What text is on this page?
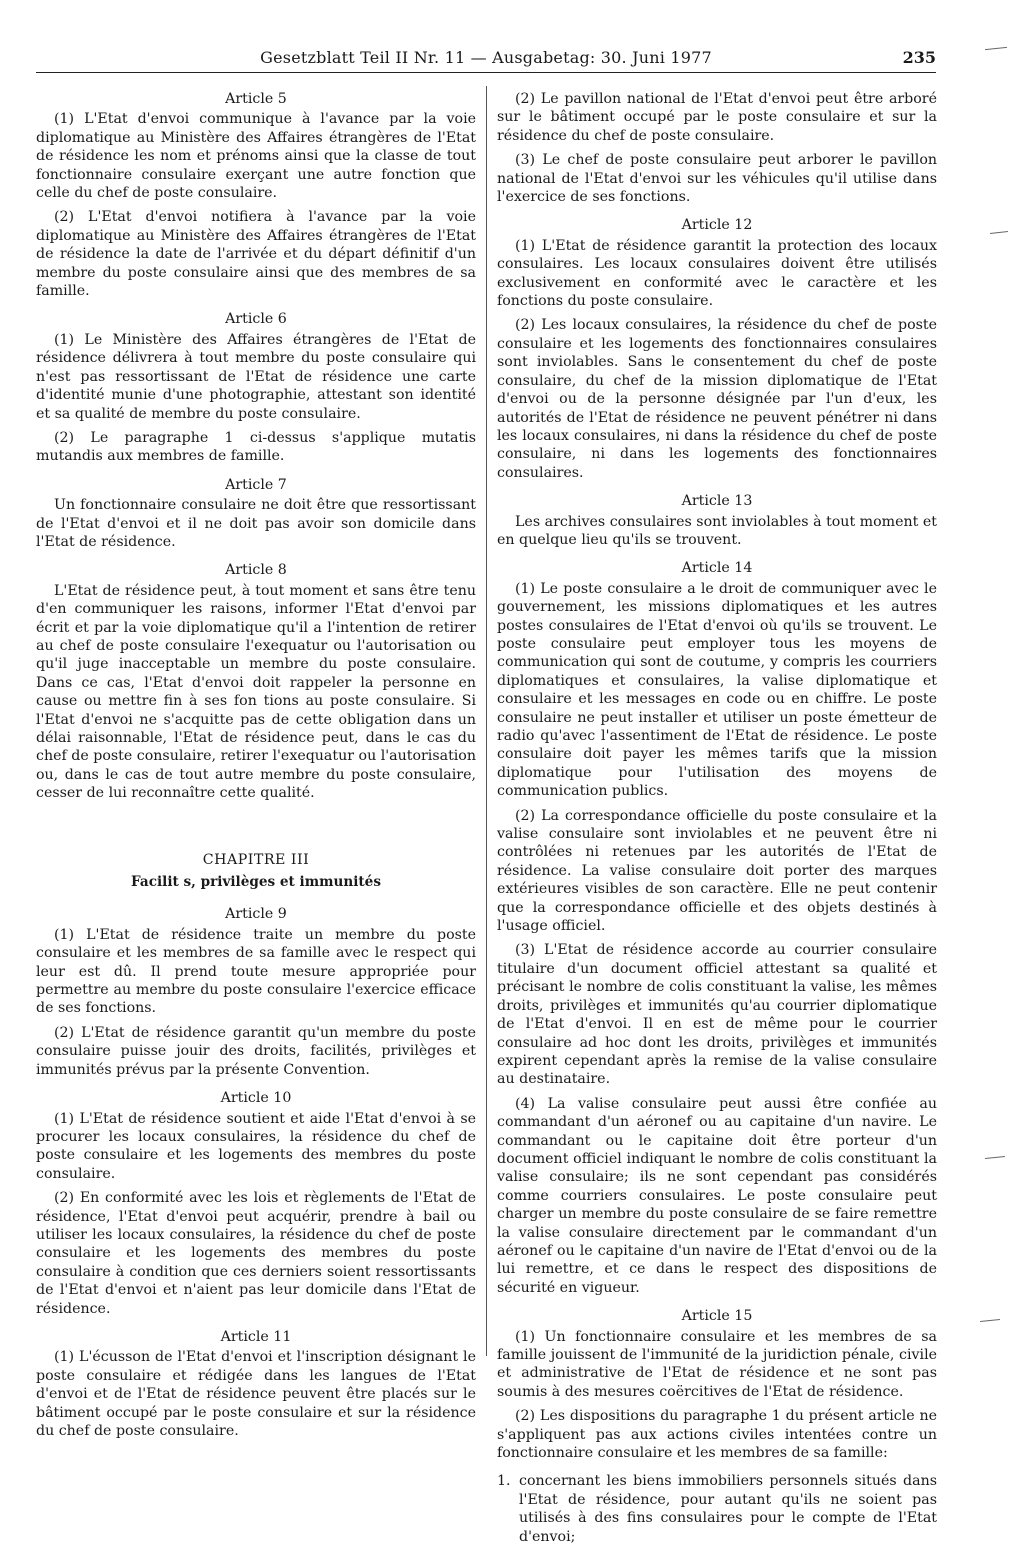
Gesetzblatt Teil II Nr. 11 — Ausgabetag: 30. Juni 1977	235
Article 5

(1) L'Etat d'envoi communique à l'avance par la voie diplomatique au Ministère des Affaires étrangères de l'Etat de résidence les nom et prénoms ainsi que la classe de tout fonctionnaire consulaire exerçant une autre fonction que celle du chef de poste consulaire.

(2) L'Etat d'envoi notifiera à l'avance par la voie diplomatique au Ministère des Affaires étrangères de l'Etat de résidence la date de l'arrivée et du départ définitif d'un membre du poste consulaire ainsi que des membres de sa famille.

Article 6

(1) Le Ministère des Affaires étrangères de l'Etat de résidence délivrera à tout membre du poste consulaire qui n'est pas ressortissant de l'Etat de résidence une carte d'identité munie d'une photographie, attestant son identité et sa qualité de membre du poste consulaire.

(2) Le paragraphe 1 ci-dessus s'applique mutatis mutandis aux membres de famille.

Article 7

Un fonctionnaire consulaire ne doit être que ressortissant de l'Etat d'envoi et il ne doit pas avoir son domicile dans l'Etat de résidence.

Article 8

L'Etat de résidence peut, à tout moment et sans être tenu d'en communiquer les raisons, informer l'Etat d'envoi par écrit et par la voie diplomatique qu'il a l'intention de retirer au chef de poste consulaire l'exequatur ou l'autorisation ou qu'il juge inacceptable un membre du poste consulaire. Dans ce cas, l'Etat d'envoi doit rappeler la personne en cause ou mettre fin à ses fon tions au poste consulaire. Si l'Etat d'envoi ne s'acquitte pas de cette obligation dans un délai raisonnable, l'Etat de résidence peut, dans le cas du chef de poste consulaire, retirer l'exequatur ou l'autorisation ou, dans le cas de tout autre membre du poste consulaire, cesser de lui reconnaître cette qualité.

CHAPITRE III
Facilit s, privilèges et immunités
Article 9

(1) L'Etat de résidence traite un membre du poste consulaire et les membres de sa famille avec le respect qui leur est dû. Il prend toute mesure appropriée pour permettre au membre du poste consulaire l'exercice efficace de ses fonctions.

(2) L'Etat de résidence garantit qu'un membre du poste consulaire puisse jouir des droits, facilités, privilèges et immunités prévus par la présente Convention.

Article 10

(1) L'Etat de résidence soutient et aide l'Etat d'envoi à se procurer les locaux consulaires, la résidence du chef de poste consulaire et les logements des membres du poste consulaire.

(2) En conformité avec les lois et règlements de l'Etat de résidence, l'Etat d'envoi peut acquérir, prendre à bail ou utiliser les locaux consulaires, la résidence du chef de poste consulaire et les logements des membres du poste consulaire à condition que ces derniers soient ressortissants de l'Etat d'envoi et n'aient pas leur domicile dans l'Etat de résidence.

Article 11

(1) L'écusson de l'Etat d'envoi et l'inscription désignant le poste consulaire et rédigée dans les langues de l'Etat d'envoi et de l'Etat de résidence peuvent être placés sur le bâtiment occupé par le poste consulaire et sur la résidence du chef de poste consulaire.

(2) Le pavillon national de l'Etat d'envoi peut être arboré sur le bâtiment occupé par le poste consulaire et sur la résidence du chef de poste consulaire.

(3) Le chef de poste consulaire peut arborer le pavillon national de l'Etat d'envoi sur les véhicules qu'il utilise dans l'exercice de ses fonctions.

Article 12

(1) L'Etat de résidence garantit la protection des locaux consulaires. Les locaux consulaires doivent être utilisés exclusivement en conformité avec le caractère et les fonctions du poste consulaire.

(2) Les locaux consulaires, la résidence du chef de poste consulaire et les logements des fonctionnaires consulaires sont inviolables. Sans le consentement du chef de poste consulaire, du chef de la mission diplomatique de l'Etat d'envoi ou de la personne désignée par l'un d'eux, les autorités de l'Etat de résidence ne peuvent pénétrer ni dans les locaux consulaires, ni dans la résidence du chef de poste consulaire, ni dans les logements des fonctionnaires consulaires.

Article 13

Les archives consulaires sont inviolables à tout moment et en quelque lieu qu'ils se trouvent.

Article 14

(1) Le poste consulaire a le droit de communiquer avec le gouvernement, les missions diplomatiques et les autres postes consulaires de l'Etat d'envoi où qu'ils se trouvent. Le poste consulaire peut employer tous les moyens de communication qui sont de coutume, y compris les courriers diplomatiques et consulaires, la valise diplomatique et consulaire et les messages en code ou en chiffre. Le poste consulaire ne peut installer et utiliser un poste émetteur de radio qu'avec l'assentiment de l'Etat de résidence. Le poste consulaire doit payer les mêmes tarifs que la mission diplomatique pour l'utilisation des moyens de communication publics.

(2) La correspondance officielle du poste consulaire et la valise consulaire sont inviolables et ne peuvent être ni contrôlées ni retenues par les autorités de l'Etat de résidence. La valise consulaire doit porter des marques extérieures visibles de son caractère. Elle ne peut contenir que la correspondance officielle et des objets destinés à l'usage officiel.

(3) L'Etat de résidence accorde au courrier consulaire titulaire d'un document officiel attestant sa qualité et précisant le nombre de colis constituant la valise, les mêmes droits, privilèges et immunités qu'au courrier diplomatique de l'Etat d'envoi. Il en est de même pour le courrier consulaire ad hoc dont les droits, privilèges et immunités expirent cependant après la remise de la valise consulaire au destinataire.

(4) La valise consulaire peut aussi être confiée au commandant d'un aéronef ou au capitaine d'un navire. Le commandant ou le capitaine doit être porteur d'un document officiel indiquant le nombre de colis constituant la valise consulaire; ils ne sont cependant pas considérés comme courriers consulaires. Le poste consulaire peut charger un membre du poste consulaire de se faire remettre la valise consulaire directement par le commandant d'un aéronef ou le capitaine d'un navire de l'Etat d'envoi ou de la lui remettre, et ce dans le respect des dispositions de sécurité en vigueur.

Article 15

(1) Un fonctionnaire consulaire et les membres de sa famille jouissent de l'immunité de la juridiction pénale, civile et administrative de l'Etat de résidence et ne sont pas soumis à des mesures coërcitives de l'Etat de résidence.

(2) Les dispositions du paragraphe 1 du présent article ne s'appliquent pas aux actions civiles intentées contre un fonctionnaire consulaire et les membres de sa famille:

1. concernant les biens immobiliers personnels situés dans l'Etat de résidence, pour autant qu'ils ne soient pas utilisés à des fins consulaires pour le compte de l'Etat d'envoi;
